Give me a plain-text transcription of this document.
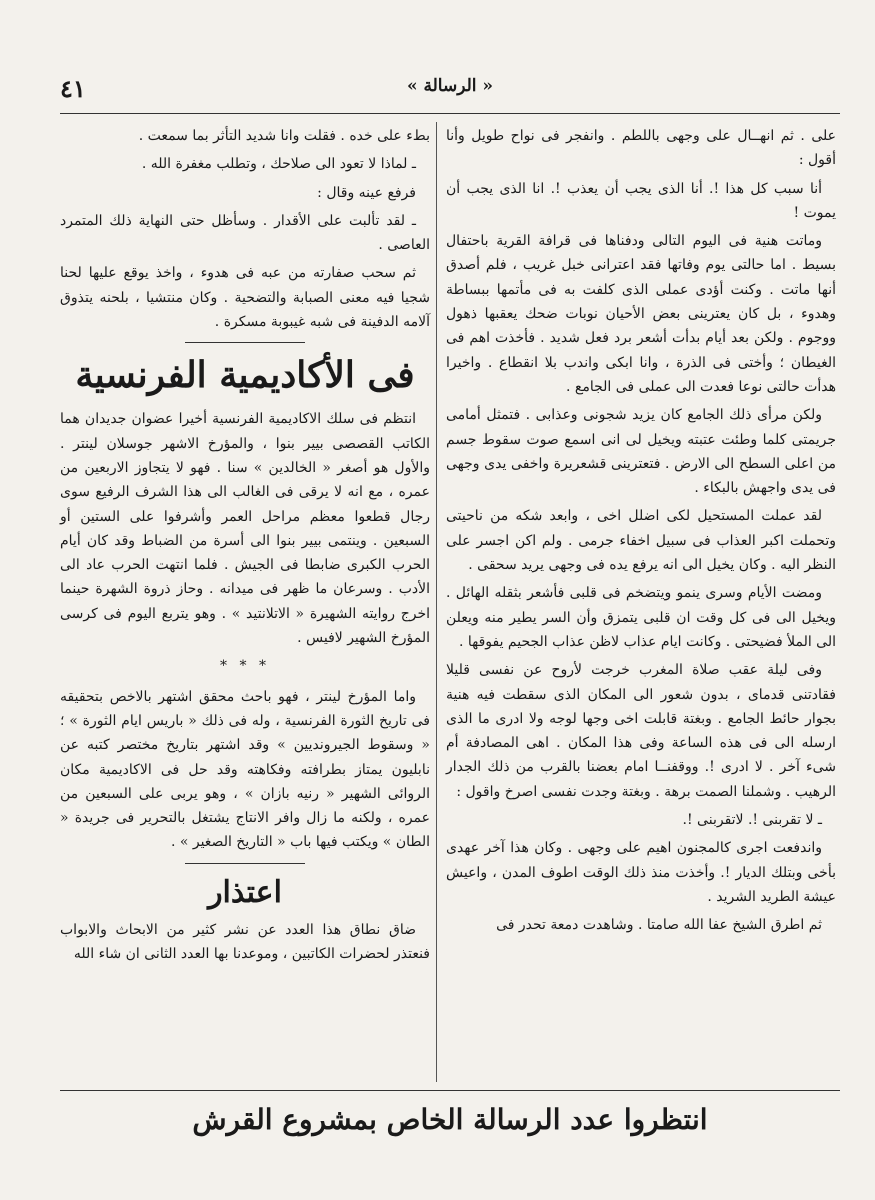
« الرسالة »
٤١

على . ثم انهــال على وجهى باللطم . وانفجر فى نواح طويل وأنا أقول :

أنا سبب كل هذا !. أنا الذى يجب أن يعذب !. انا الذى يجب أن يموت !

وماتت هنية فى اليوم التالى ودفناها فى قرافة القرية باحتفال بسيط . اما حالتى يوم وفاتها فقد اعترانى خبل غريب ، فلم أصدق أنها ماتت . وكنت أؤدى عملى الذى كلفت به فى مأتمها ببساطة وهدوء ، بل كان يعترينى بعض الأحيان نوبات ضحك يعقبها ذهول ووجوم . ولكن بعد أيام بدأت أشعر برد فعل شديد . فأخذت اهم فى الغيطان ؛ وأختى فى الذرة ، وانا ابكى واندب بلا انقطاع . واخيرا هدأت حالتى نوعا فعدت الى عملى فى الجامع .

ولكن مرأى ذلك الجامع كان يزيد شجونى وعذابى . فتمثل أمامى جريمتى كلما وطئت عتبته ويخيل لى انى اسمع صوت سقوط جسم من اعلى السطح الى الارض . فتعترينى قشعريرة واخفى يدى وجهى فى يدى واجهش بالبكاء .

لقد عملت المستحيل لكى اضلل اخى ، وابعد شكه من ناحيتى وتحملت اكبر العذاب فى سبيل اخفاء جرمى . ولم اكن اجسر على النظر اليه . وكان يخيل الى انه يرفع يده فى وجهى يريد سحقى .

ومضت الأيام وسرى ينمو ويتضخم فى قلبى فأشعر بثقله الهائل . ويخيل الى فى كل وقت ان قلبى يتمزق وأن السر يطير منه ويعلن الى الملأ فضيحتى . وكانت ايام عذاب لاظن عذاب الجحيم يفوقها .

وفى ليلة عقب صلاة المغرب خرجت لأروح عن نفسى قليلا فقادتنى قدماى ، بدون شعور الى المكان الذى سقطت فيه هنية بجوار حائط الجامع . وبغتة قابلت اخى وجها لوجه ولا ادرى ما الذى ارسله الى فى هذه الساعة وفى هذا المكان . اهى المصادفة أم شىء آخر . لا ادرى !. ووقفنــا امام بعضنا بالقرب من ذلك الجدار الرهيب . وشملنا الصمت برهة . وبغتة وجدت نفسى اصرخ واقول :

ـ لا تقربنى !. لاتقربنى !.

واندفعت اجرى كالمجنون اهيم على وجهى . وكان هذا آخر عهدى بأخى وبتلك الديار !. وأخذت منذ ذلك الوقت اطوف المدن ، واعيش عيشة الطريد الشريد .

ثم اطرق الشيخ عفا الله صامتا . وشاهدت دمعة تحدر فى

بطء على خده . فقلت وانا شديد التأثر بما سمعت .

ـ لماذا لا تعود الى صلاحك ، وتطلب مغفرة الله .

فرفع عينه وقال :

ـ لقد تألبت على الأقدار . وسأظل حتى النهاية ذلك المتمرد العاصى .

ثم سحب صفارته من عبه فى هدوء ، واخذ يوقع عليها لحنا شجيا فيه معنى الصبابة والتضحية . وكان منتشيا ، بلحنه يتذوق آلامه الدفينة فى شبه غيبوبة مسكرة .

فى الأكاديمية الفرنسية

انتظم فى سلك الاكاديمية الفرنسية أخيرا عضوان جديدان هما الكاتب القصصى بيير بنوا ، والمؤرخ الاشهر جوسلان لينتر . والأول هو أصغر « الخالدين » سنا . فهو لا يتجاوز الاربعين من عمره ، مع انه لا يرقى فى الغالب الى هذا الشرف الرفيع سوى رجال قطعوا معظم مراحل العمر وأشرفوا على الستين أو السبعين . وينتمى بيير بنوا الى أسرة من الضباط وقد كان أيام الحرب الكبرى ضابطا فى الجيش . فلما انتهت الحرب عاد الى الأدب . وسرعان ما ظهر فى ميدانه . وحاز ذروة الشهرة حينما اخرج روايته الشهيرة « الاتلانتيد » . وهو يتربع اليوم فى كرسى المؤرخ الشهير لافيس .

* * *

واما المؤرخ لينتر ، فهو باحث محقق اشتهر بالاخص بتحقيقه فى تاريخ الثورة الفرنسية ، وله فى ذلك « باريس ايام الثورة » ؛ « وسقوط الجيرونديين » وقد اشتهر بتاريخ مختصر كتبه عن نابليون يمتاز بطرافته وفكاهته وقد حل فى الاكاديمية مكان الروائى الشهير « رنيه بازان » ، وهو يربى على السبعين من عمره ، ولكنه ما زال وافر الانتاج يشتغل بالتحرير فى جريدة « الطان » ويكتب فيها باب « التاريخ الصغير » .

اعتذار

ضاق نطاق هذا العدد عن نشر كثير من الابحاث والابواب فنعتذر لحضرات الكاتبين ، وموعدنا بها العدد الثانى ان شاء الله

انتظروا عدد الرسالة الخاص بمشروع القرش
